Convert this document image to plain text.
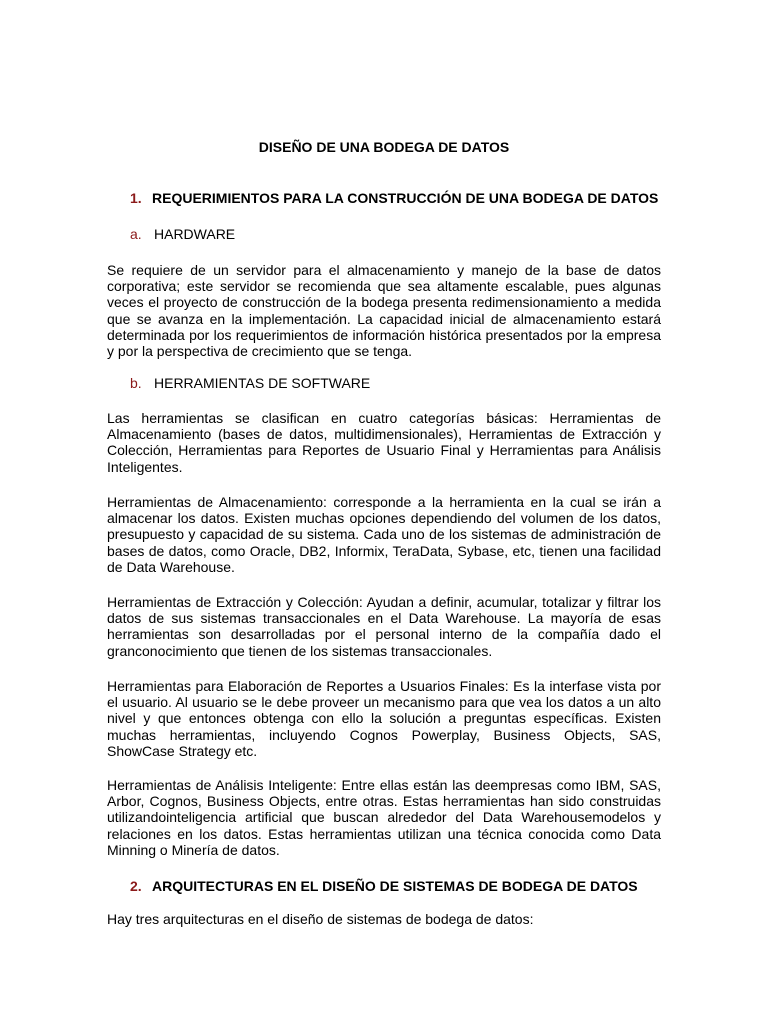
DISEÑO DE UNA BODEGA DE DATOS
1. REQUERIMIENTOS PARA LA CONSTRUCCIÓN DE UNA BODEGA DE DATOS
a. HARDWARE
Se requiere de un servidor para el almacenamiento y manejo de la base de datos corporativa; este servidor se recomienda que sea altamente escalable, pues algunas veces el proyecto de construcción de la bodega presenta redimensionamiento a medida que se avanza en la implementación. La capacidad inicial de almacenamiento estará determinada por los requerimientos de información histórica presentados por la empresa y por la perspectiva de crecimiento que se tenga.
b. HERRAMIENTAS DE SOFTWARE
Las herramientas se clasifican en cuatro categorías básicas: Herramientas de Almacenamiento (bases de datos, multidimensionales), Herramientas de Extracción y Colección, Herramientas para Reportes de Usuario Final y Herramientas para Análisis Inteligentes.
Herramientas de Almacenamiento: corresponde a la herramienta en la cual se irán a almacenar los datos. Existen muchas opciones dependiendo del volumen de los datos, presupuesto y capacidad de su sistema. Cada uno de los sistemas de administración de bases de datos, como Oracle, DB2, Informix, TeraData, Sybase, etc, tienen una facilidad de Data Warehouse.
Herramientas de Extracción y Colección: Ayudan a definir, acumular, totalizar y filtrar los datos de sus sistemas transaccionales en el Data Warehouse. La mayoría de esas herramientas son desarrolladas por el personal interno de la compañía dado el granconocimiento que tienen de los sistemas transaccionales.
Herramientas para Elaboración de Reportes a Usuarios Finales: Es la interfase vista por el usuario. Al usuario se le debe proveer un mecanismo para que vea los datos a un alto nivel y que entonces obtenga con ello la solución a preguntas específicas. Existen muchas herramientas, incluyendo Cognos Powerplay, Business Objects, SAS, ShowCase Strategy etc.
Herramientas de Análisis Inteligente: Entre ellas están las deempresas como IBM, SAS, Arbor, Cognos, Business Objects, entre otras. Estas herramientas han sido construidas utilizandointeligencia artificial que buscan alrededor del Data Warehousemodelos y relaciones en los datos. Estas herramientas utilizan una técnica conocida como Data Minning o Minería de datos.
2. ARQUITECTURAS EN EL DISEÑO DE SISTEMAS DE BODEGA DE DATOS
Hay tres arquitecturas en el diseño de sistemas de bodega de datos:
